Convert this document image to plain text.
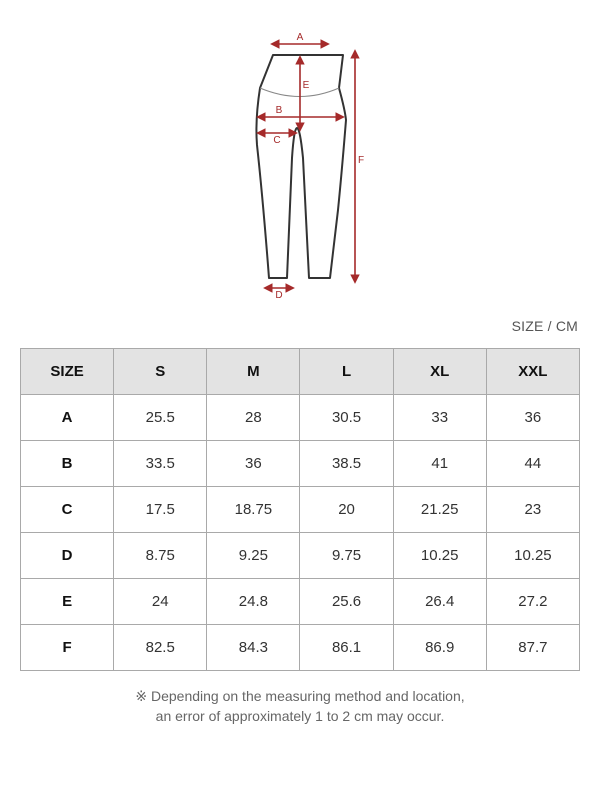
A
E
B
C
F
D
SIZE / CM
SIZE	S	M	L	XL	XXL
A	25.5	28	30.5	33	36
B	33.5	36	38.5	41	44
C	17.5	18.75	20	21.25	23
D	8.75	9.25	9.75	10.25	10.25
E	24	24.8	25.6	26.4	27.2
F	82.5	84.3	86.1	86.9	87.7
※ Depending on the measuring method and location,
an error of approximately 1 to 2 cm may occur.
